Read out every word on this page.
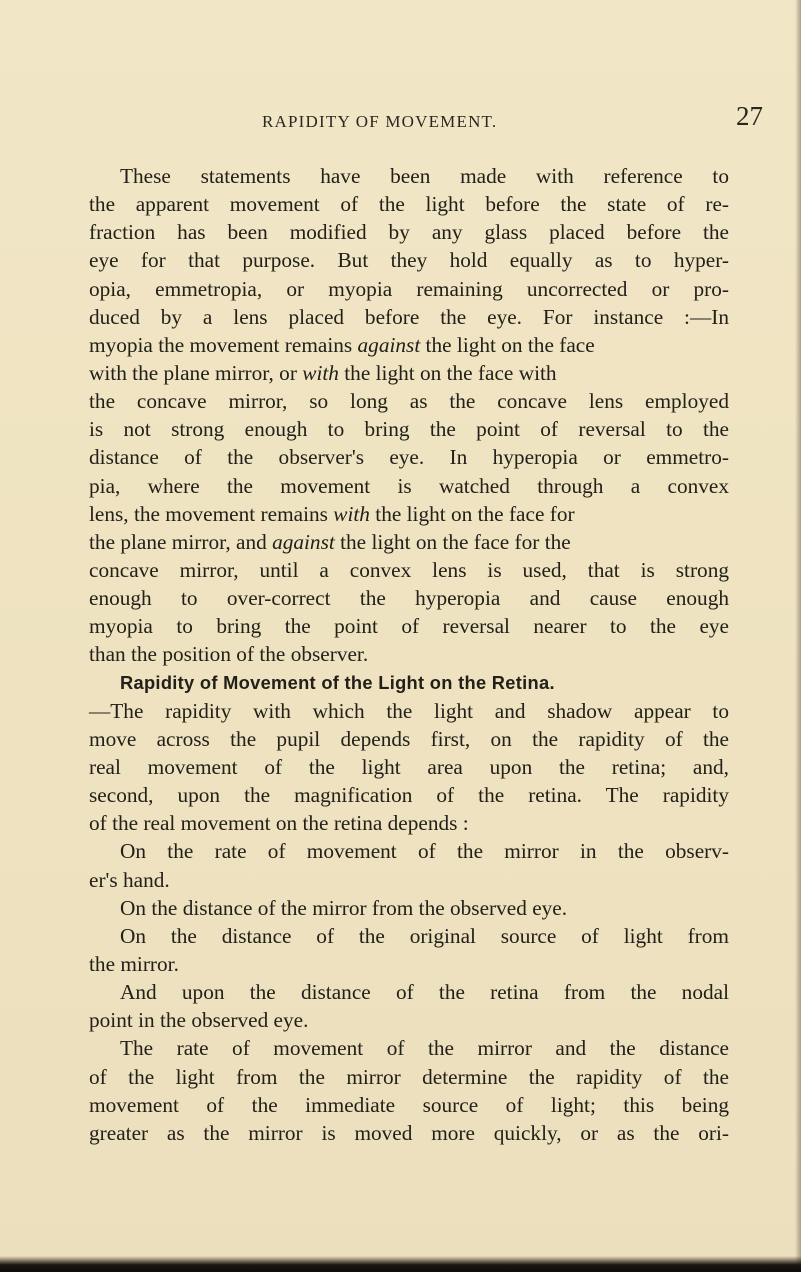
RAPIDITY OF MOVEMENT.	27
These statements have been made with reference to
the apparent movement of the light before the state of re-
fraction has been modified by any glass placed before the
eye for that purpose. But they hold equally as to hyper-
opia, emmetropia, or myopia remaining uncorrected or pro-
duced by a lens placed before the eye. For instance :—In
myopia the movement remains against the light on the face
with the plane mirror, or with the light on the face with
the concave mirror, so long as the concave lens employed
is not strong enough to bring the point of reversal to the
distance of the observer's eye. In hyperopia or emmetro-
pia, where the movement is watched through a convex
lens, the movement remains with the light on the face for
the plane mirror, and against the light on the face for the
concave mirror, until a convex lens is used, that is strong
enough to over-correct the hyperopia and cause enough
myopia to bring the point of reversal nearer to the eye
than the position of the observer.
Rapidity of Movement of the Light on the Retina.
—The rapidity with which the light and shadow appear to
move across the pupil depends first, on the rapidity of the
real movement of the light area upon the retina; and,
second, upon the magnification of the retina. The rapidity
of the real movement on the retina depends :
On the rate of movement of the mirror in the observ-
er's hand.
On the distance of the mirror from the observed eye.
On the distance of the original source of light from
the mirror.
And upon the distance of the retina from the nodal
point in the observed eye.
The rate of movement of the mirror and the distance
of the light from the mirror determine the rapidity of the
movement of the immediate source of light; this being
greater as the mirror is moved more quickly, or as the ori-
